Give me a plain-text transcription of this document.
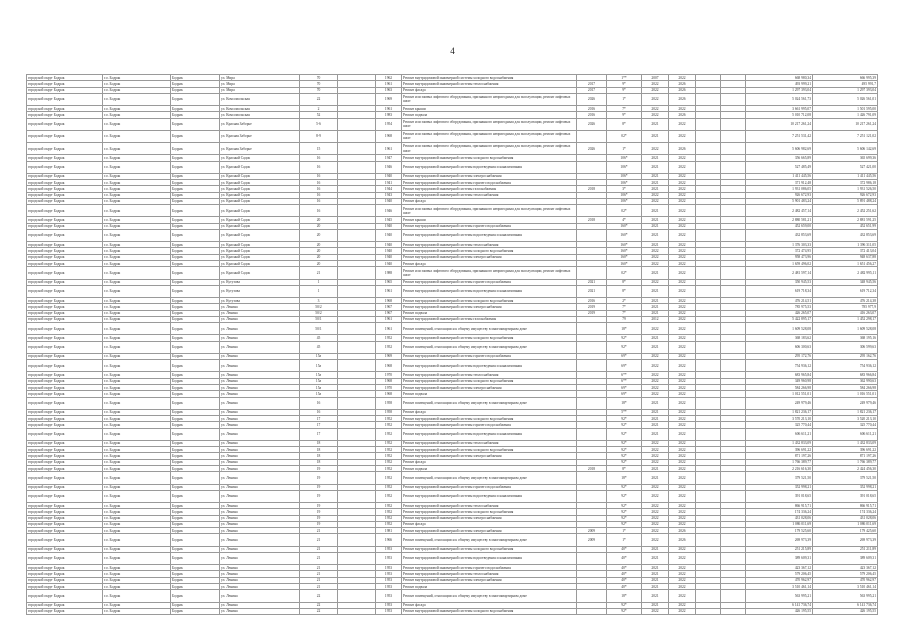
4
городской округ Бодрак	г.о. Бодрак	Бодрак	ул. Мира	70		1962	Ремонт внутридомовой инженерной системы холодного водоснабжения		1**	2007	2022			668 980,34	666 995,39
городской округ Бодрак	г.о. Бодрак	Бодрак	ул. Мира	70		1961	Ремонт внутридомовой инженерной системы теплоснабжения	2017	9*	2022	2026			493 999,21	495 991,7
городской округ Бодрак	г.о. Бодрак	Бодрак	ул. Мира	70		1963	Ремонт фасада	2017	9*	2022	2026			1 297 393,04	1 297 393,04
городской округ Бодрак	г.о. Бодрак	Бодрак	ул. Комсомольская	22		1969	Ремонт или замена лифтового оборудования, признанного непригодным для эксплуатации, ремонт лифтовых шахт	2026	1*	2022	2026			5 024 561,73	5 026 561,01
городской округ Бодрак	г.о. Бодрак	Бодрак	ул. Комсомольская	2		1961	Ремонт крыши	2016	7*	2022	2022			3 661 995,07	1 501 595,00
городской округ Бодрак	г.о. Бодрак	Бодрак	ул. Комсомольская	52		1983	Ремонт подвала	2016	9*	2022	2026			5 010 712,08	1 426 791,09
городской округ Бодрак	г.о. Бодрак	Бодрак	ул. Красная Заборье	5-6		1954	Ремонт или замена лифтового оборудования, признанного непригодным для эксплуатации, ремонт лифтовых шахт	2026	8*	2021	2022			10 217 261,24	10 217 261,24
городской округ Бодрак	г.о. Бодрак	Бодрак	ул. Красная Заборье	8-9		1968	Ремонт или замена лифтового оборудования, признанного непригодным для эксплуатации, ремонт лифтовых шахт		02*	2021	2022			7 251 531,42	7 251 121,02
городской округ Бодрак	г.о. Бодрак	Бодрак	ул. Красная Заборье	15		1961	Ремонт или замена лифтового оборудования, признанного непригодным для эксплуатации, ремонт лифтовых шахт	2026	1*	2022	2026			5 606 982,69	5 606 142,69
городской округ Бодрак	г.о. Бодрак	Бодрак	ул. Красный Садок	16		1947	Ремонт внутридомовой инженерной системы холодного водоснабжения		106*	2021	2022			356 665,89	365 699,36
городской округ Бодрак	г.о. Бодрак	Бодрак	ул. Красный Садок	16		1946	Ремонт внутридомовой инженерной системы водоотведения и канализования		106*	2021	2022			527 485,49	527 421,00
городской округ Бодрак	г.о. Бодрак	Бодрак	ул. Красный Садок	16		1940	Ремонт внутридомовой инженерной системы электроснабжения		106*	2021	2022			1 411 445,56	1 411 445,56
городской округ Бодрак	г.о. Бодрак	Бодрак	ул. Красный Садок	16		1941	Ремонт внутридомовой инженерной системы горячего водоснабжения		106*	2021	2022			371 912,48	372 986,18
городской округ Бодрак	г.о. Бодрак	Бодрак	ул. Красный Садок	16		1944	Ремонт внутридомовой инженерной системы газоснабжения	2018	3*	2021	2022			1 931 086,05	1 931 526,50
городской округ Бодрак	г.о. Бодрак	Бодрак	ул. Красный Садок	16		1943	Ремонт внутридомовой инженерной системы теплоснабжения		106*	2022	2022			926 672,93	926 672,93
городской округ Бодрак	г.о. Бодрак	Бодрак	ул. Красный Садок	16		1940	Ремонт фасада		106*	2022	2022			5 901 483,24	5 891 488,24
городской округ Бодрак	г.о. Бодрак	Бодрак	ул. Красный Садок	16		1946	Ремонт или замена лифтового оборудования, признанного непригодным для эксплуатации, ремонт лифтовых шахт		02*	2021	2022			2 482 457,14	2 452 251,62
городской округ Бодрак	г.о. Бодрак	Бодрак	ул. Красный Садок	20		1945	Ремонт крыши	2018	4*	2021	2022			2 880 581,21	2 881 591,25
городской округ Бодрак	г.о. Бодрак	Бодрак	ул. Красный Садок	20		1940	Ремонт внутридомовой инженерной системы горячего водоснабжения		160*	2021	2022			452 659,00	452 651,99
городской округ Бодрак	г.о. Бодрак	Бодрак	ул. Красный Садок	20		1940	Ремонт внутридомовой инженерной системы водоотведения и канализования		160*	2021	2022			432 853,69	432 853,69
городской округ Бодрак	г.о. Бодрак	Бодрак	ул. Красный Садок	20		1940	Ремонт внутридомовой инженерной системы теплоснабжения		160*	2021	2022			1 376 303,33	1 396 311,05
городской округ Бодрак	г.о. Бодрак	Бодрак	ул. Красный Садок	20		1940	Ремонт внутридомовой инженерной системы холодного водоснабжения		160*	2022	2022			372 474,95	372 413,04
городской округ Бодрак	г.о. Бодрак	Бодрак	ул. Красный Садок	20		1940	Ремонт внутридомовой инженерной системы электроснабжения		160*	2022	2022			958 473,96	948 637,88
городской округ Бодрак	г.о. Бодрак	Бодрак	ул. Красный Садок	20		1940	Ремонт фасада		160*	2022	2022			1 659 496,02	1 651 456,27
городской округ Бодрак	г.о. Бодрак	Бодрак	ул. Красный Садок	21		1988	Ремонт или замена лифтового оборудования, признанного непригодным для эксплуатации, ремонт лифтовых шахт		02*	2021	2022			2 481 597,14	2 482 995,11
городской округ Бодрак	г.о. Бодрак	Бодрак	ул. Кутузова	1		1965	Ремонт внутридомовой инженерной системы горячего водоснабжения	2021	8*	2022	2022			350 945,53	348 945,56
городской округ Бодрак	г.о. Бодрак	Бодрак	ул. Кутузова	1		1961	Ремонт внутридомовой инженерной системы водоотведения и канализования	2021	8*	2021	2022			619 718,34	619 712,34
городской округ Бодрак	г.о. Бодрак	Бодрак	ул. Кутузова	3		1968	Ремонт внутридомовой инженерной системы холодного водоснабжения	2016	2*	2021	2022			476 214,51	476 214,38
городской округ Бодрак	г.о. Бодрак	Бодрак	ул. Ленина	50/2		1967	Ремонт внутридомовой инженерной системы электроснабжения	2019	7*	2021	2022			785 975,53	785 977,9
городской округ Бодрак	г.о. Бодрак	Бодрак	ул. Ленина	50/2		1967	Ремонт подвала	2019	7*	2021	2022			426 265,07	416 263,07
городской округ Бодрак	г.о. Бодрак	Бодрак	ул. Ленина	50/1		1961	Ремонт внутридомовой инженерной системы газоснабжения		79	2012	2022			5 422 895,17	1 452 298,17
городской округ Бодрак	г.о. Бодрак	Бодрак	ул. Ленина	50/1		1961	Ремонт помещений, относящихся к общему имуществу в многоквартирном доме		18*	2022	2022			1 609 528,08	1 609 528,08
городской округ Бодрак	г.о. Бодрак	Бодрак	ул. Ленина	45		1952	Ремонт внутридомовой инженерной системы холодного водоснабжения		92*	2021	2022			368 183,62	368 195,16
городской округ Бодрак	г.о. Бодрак	Бодрак	ул. Ленина	45		1952	Ремонт помещений, относящихся к общему имуществу в многоквартирном доме		92*	2021	2022			606 300,63	306 599,63
городской округ Бодрак	г.о. Бодрак	Бодрак	ул. Ленина	15а		1969	Ремонт внутридомовой инженерной системы горячего водоснабжения		69*	2022	2022			295 172,76	295 162,76
городской округ Бодрак	г.о. Бодрак	Бодрак	ул. Ленина	15а		1968	Ремонт внутридомовой инженерной системы водоотведения и канализования		69*	2022	2022			754 936,12	754 936,12
городской округ Бодрак	г.о. Бодрак	Бодрак	ул. Ленина	15а		1970	Ремонт внутридомовой инженерной системы теплоснабжения		6**	2022	2022			683 965,84	683 966,84
городской округ Бодрак	г.о. Бодрак	Бодрак	ул. Ленина	15а		1968	Ремонт внутридомовой инженерной системы холодного водоснабжения		6**	2022	2022			349 960,98	362 990,63
городской округ Бодрак	г.о. Бодрак	Бодрак	ул. Ленина	15а		1970	Ремонт внутридомовой инженерной системы электроснабжения		69*	2022	2022			584 266,98	584 266,98
городской округ Бодрак	г.о. Бодрак	Бодрак	ул. Ленина	15а		1968	Ремонт подвала		69*	2022	2022			1 012 551,01	1 016 551,01
городской округ Бодрак	г.о. Бодрак	Бодрак	ул. Ленина	16		1958	Ремонт помещений, относящихся к общему имуществу в многоквартирном доме		18*	2021	2022			249 979,46	249 979,46
городской округ Бодрак	г.о. Бодрак	Бодрак	ул. Ленина	16		1958	Ремонт фасада		5**	2021	2022			1 821 236,17	1 821 236,17
городской округ Бодрак	г.о. Бодрак	Бодрак	ул. Ленина	17		1952	Ремонт внутридомовой инженерной системы холодного водоснабжения		92*	2021	2022			3 570 213,10	3 520 213,10
городской округ Бодрак	г.о. Бодрак	Бодрак	ул. Ленина	17		1952	Ремонт внутридомовой инженерной системы горячего водоснабжения		92*	2021	2022			325 770,44	325 770,44
городской округ Бодрак	г.о. Бодрак	Бодрак	ул. Ленина	17		1952	Ремонт внутридомовой инженерной системы водоотведения и канализования		92*	2021	2022			606 611,21	606 611,21
городской округ Бодрак	г.о. Бодрак	Бодрак	ул. Ленина	18		1952	Ремонт внутридомовой инженерной системы теплоснабжения		92*	2022	2022			1 432 833,09	1 432 833,09
городской округ Бодрак	г.о. Бодрак	Бодрак	ул. Ленина	18		1952	Ремонт внутридомовой инженерной системы холодного водоснабжения		92*	2022	2022			396 691,22	396 691,22
городской округ Бодрак	г.о. Бодрак	Бодрак	ул. Ленина	18		1952	Ремонт внутридомовой инженерной системы электроснабжения		92*	2022	2022			871 197,26	871 197,26
городской округ Бодрак	г.о. Бодрак	Бодрак	ул. Ленина	18		1952	Ремонт фасада		92*	2022	2022			1 766 389,77	1 766 389,77
городской округ Бодрак	г.о. Бодрак	Бодрак	ул. Ленина	19		1952	Ремонт подвала	2018	8*	2021	2022			2 216 616,30	2 424 456,30
городской округ Бодрак	г.о. Бодрак	Бодрак	ул. Ленина	19		1952	Ремонт помещений, относящихся к общему имуществу в многоквартирном доме		18*	2021	2022			379 521,50	379 521,50
городской округ Бодрак	г.о. Бодрак	Бодрак	ул. Ленина	19		1952	Ремонт внутридомовой инженерной системы горячего водоснабжения		92*	2022	2022			352 998,21	352 998,21
городской округ Бодрак	г.о. Бодрак	Бодрак	ул. Ленина	19		1952	Ремонт внутридомовой инженерной системы водоотведения и канализования		92*	2022	2022			391 018,65	391 018,65
городской округ Бодрак	г.о. Бодрак	Бодрак	ул. Ленина	19		1952	Ремонт внутридомовой инженерной системы теплоснабжения		92*	2022	2022			866 915,71	866 915,71
городской округ Бодрак	г.о. Бодрак	Бодрак	ул. Ленина	19		1952	Ремонт внутридомовой инженерной системы холодного водоснабжения		92*	2022	2022			174 336,24	174 336,24
городской округ Бодрак	г.о. Бодрак	Бодрак	ул. Ленина	19		1952	Ремонт внутридомовой инженерной системы электроснабжения		92*	2022	2022			431 028,06	431 028,06
городской округ Бодрак	г.о. Бодрак	Бодрак	ул. Ленина	19		1952	Ремонт фасада		92*	2022	2022			1 086 011,69	1 086 011,69
городской округ Бодрак	г.о. Бодрак	Бодрак	ул. Ленина	21		1981	Ремонт внутридомовой инженерной системы электроснабжения	2009	1*	2022	2026			179 525,60	179 425,60
городской округ Бодрак	г.о. Бодрак	Бодрак	ул. Ленина	21		1966	Ремонт помещений, относящихся к общему имуществу в многоквартирном доме	2009	1*	2022	2026			269 973,39	269 973,39
городской округ Бодрак	г.о. Бодрак	Бодрак	ул. Ленина	21		1953	Ремонт внутридомовой инженерной системы холодного водоснабжения		40*	2021	2022			251 215,89	251 211,89
городской округ Бодрак	г.о. Бодрак	Бодрак	ул. Ленина	21		1953	Ремонт внутридомовой инженерной системы водоотведения и канализования		40*	2021	2022			389 609,31	389 609,31
городской округ Бодрак	г.о. Бодрак	Бодрак	ул. Ленина	21		1953	Ремонт внутридомовой инженерной системы горячего водоснабжения		40*	2021	2022			423 367,12	423 367,12
городской округ Бодрак	г.о. Бодрак	Бодрак	ул. Ленина	21		1953	Ремонт внутридомовой инженерной системы теплоснабжения		40*	2021	2022			579 206,45	579 206,45
городской округ Бодрак	г.о. Бодрак	Бодрак	ул. Ленина	21		1953	Ремонт внутридомовой инженерной системы электроснабжения		40*	2021	2022			470 962,97	470 962,97
городской округ Бодрак	г.о. Бодрак	Бодрак	ул. Ленина	21		1953	Ремонт подвала		40*	2021	2022			3 510 461,14	3 510 461,14
городской округ Бодрак	г.о. Бодрак	Бодрак	ул. Ленина	22		1953	Ремонт помещений, относящихся к общему имуществу в многоквартирном доме		18*	2021	2022			563 995,21	563 995,21
городской округ Бодрак	г.о. Бодрак	Бодрак	ул. Ленина	22		1953	Ремонт фасада		92*	2021	2022			6 141 736,74	6 141 736,74
городской округ Бодрак	г.о. Бодрак	Бодрак	ул. Ленина	22		1953	Ремонт внутридомовой инженерной системы холодного водоснабжения		92*	2022	2022			426 195,55	426 195,55
